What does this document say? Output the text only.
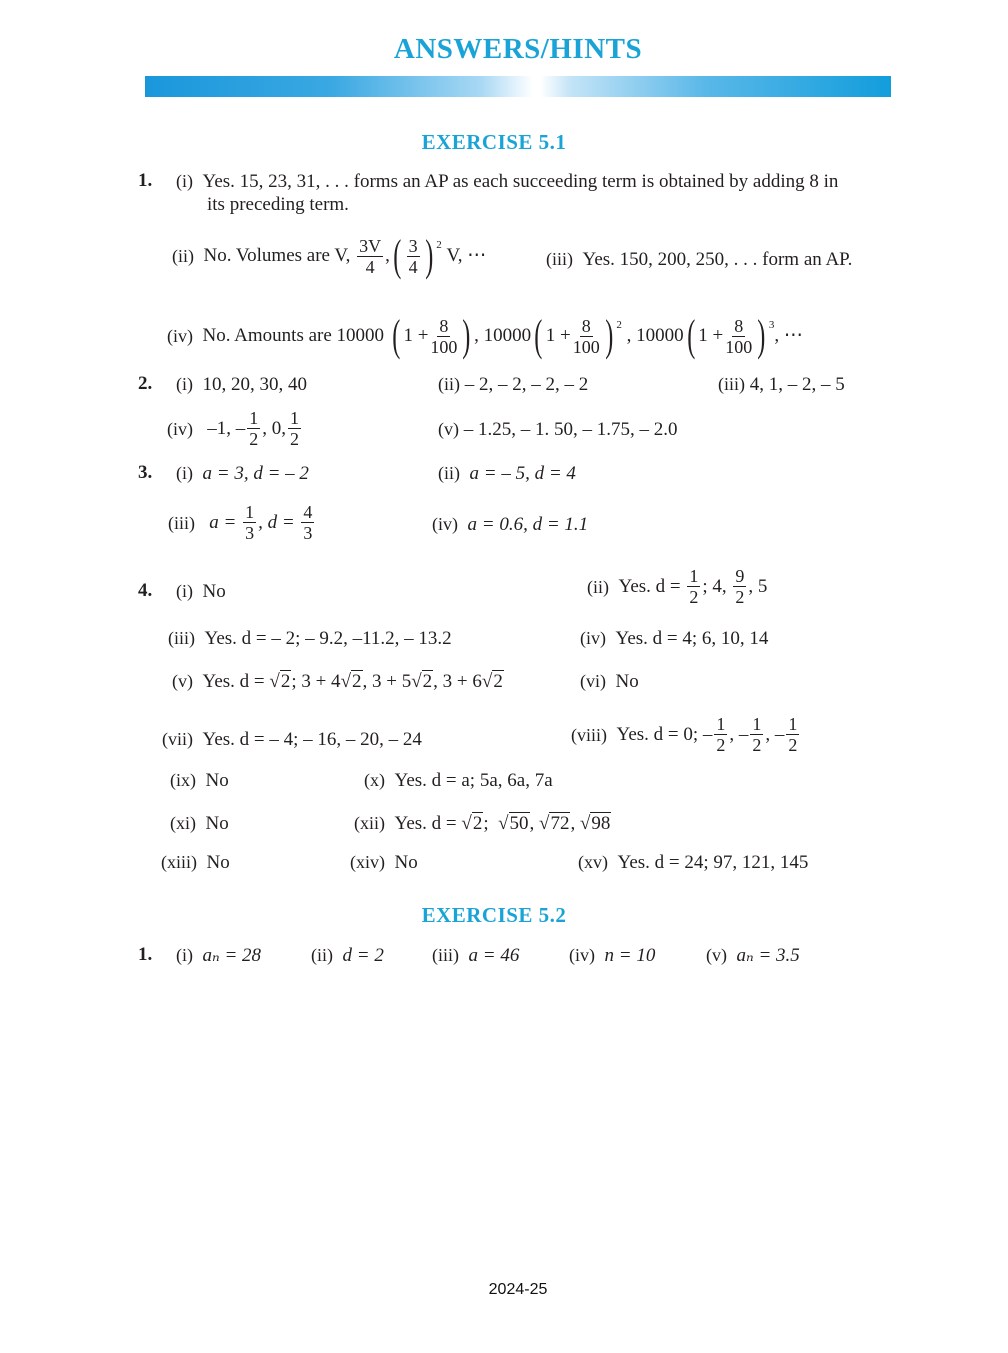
ANSWERS/HINTS
EXERCISE 5.1
1. (i) Yes. 15, 23, 31, . . . forms an AP as each succeeding term is obtained by adding 8 in
its preceding term.
(ii)
No. Volumes are V,
$\frac{3V}{4}$ , ( $\frac{3}{4}$ ) $^2$
V, ⋯	(iii) Yes. 150, 200, 250, . . . form an AP.
(iv)
No. Amounts are 10000
( $1 + \frac{8}{100}$ ) , 10000 ( $1 + \frac{8}{100}$ ) $^2$ , 10000 ( $1 + \frac{8}{100}$ ) $^3$ , ⋯
2. (i) 10, 20, 30, 40	(ii) – 2, – 2, – 2, – 2	(iii) 4, 1, – 2, – 5
(iv)
–1, – $\frac{1}{2}$ , 0, $\frac{1}{2}$	(v) – 1.25, – 1. 50, – 1.75, – 2.0
3. (i) a = 3, d = – 2	(ii) a = – 5, d = 4
(iii)
a =
$\frac{1}{3}$ , d =
$\frac{4}{3}$	(iv) a = 0.6, d = 1.1
4. (i) No	(ii)
Yes. d =
$\frac{1}{2}$ ; 4,
$\frac{9}{2}$ , 5
(iii) Yes. d = – 2; – 9.2, –11.2, – 13.2	(iv) Yes. d = 4; 6, 10, 14
(v) Yes. d = √2; 3 + 4√2, 3 + 5√2, 3 + 6√2	(vi) No
(vii) Yes. d = – 4; – 16, – 20, – 24	(viii)
Yes. d = 0; – $\frac{1}{2}$ , – $\frac{1}{2}$ , – $\frac{1}{2}$
(ix) No	(x) Yes. d = a; 5a, 6a, 7a
(xi) No	(xii) Yes. d = √2; √50, √72, √98
(xiii) No	(xiv) No	(xv) Yes. d = 24; 97, 121, 145
EXERCISE 5.2
1. (i) aₙ = 28	(ii) d = 2	(iii) a = 46	(iv) n = 10	(v) aₙ = 3.5
2024-25
